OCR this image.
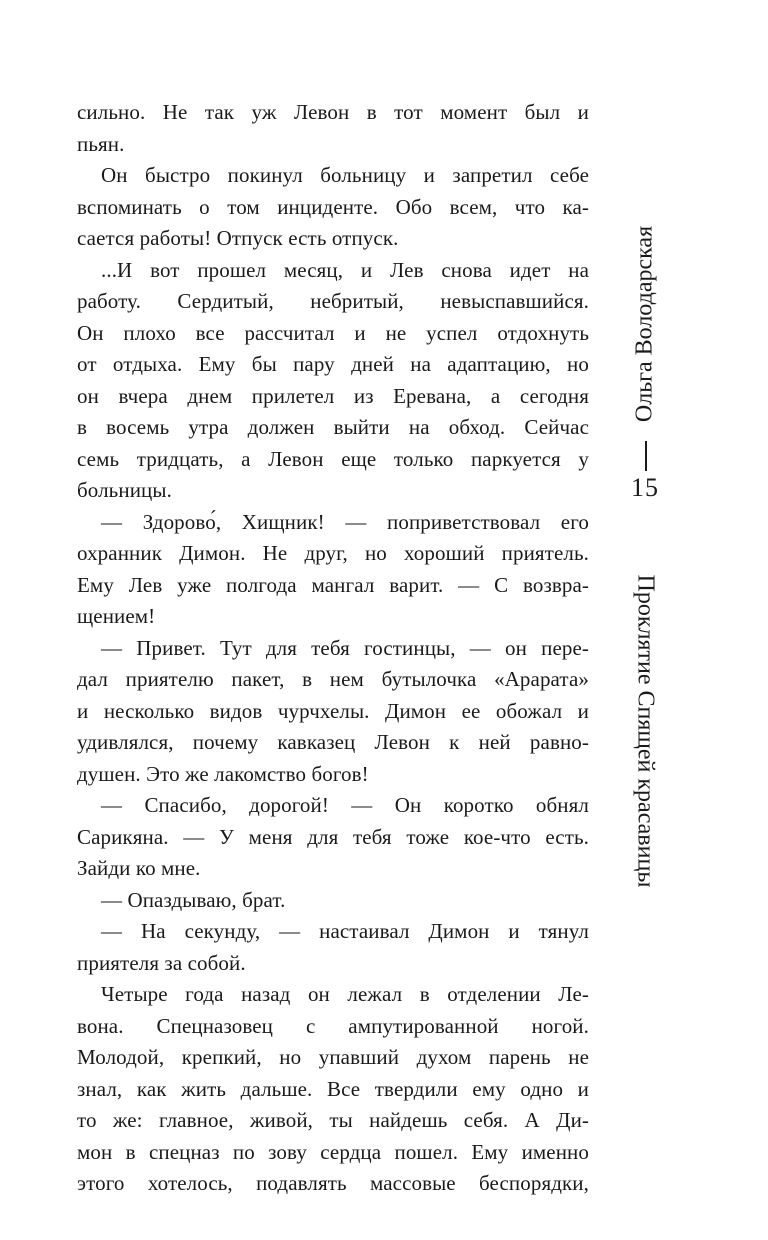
сильно. Не так уж Левон в тот момент был и
пьян.
Он быстро покинул больницу и запретил себе
вспоминать о том инциденте. Обо всем, что ка-
сается работы! Отпуск есть отпуск.
...И вот прошел месяц, и Лев снова идет на
работу. Сердитый, небритый, невыспавшийся.
Он плохо все рассчитал и не успел отдохнуть
от отдыха. Ему бы пару дней на адаптацию, но
он вчера днем прилетел из Еревана, а сегодня
в восемь утра должен выйти на обход. Сейчас
семь тридцать, а Левон еще только паркуется у
больницы.
— Здорово́, Хищник! — поприветствовал его
охранник Димон. Не друг, но хороший приятель.
Ему Лев уже полгода мангал варит. — С возвра-
щением!
— Привет. Тут для тебя гостинцы, — он пере-
дал приятелю пакет, в нем бутылочка «Арарата»
и несколько видов чурчхелы. Димон ее обожал и
удивлялся, почему кавказец Левон к ней равно-
душен. Это же лакомство богов!
— Спасибо, дорогой! — Он коротко обнял
Сарикяна. — У меня для тебя тоже кое-что есть.
Зайди ко мне.
— Опаздываю, брат.
— На секунду, — настаивал Димон и тянул
приятеля за собой.
Четыре года назад он лежал в отделении Ле-
вона. Спецназовец с ампутированной ногой.
Молодой, крепкий, но упавший духом парень не
знал, как жить дальше. Все твердили ему одно и
то же: главное, живой, ты найдешь себя. А Ди-
мон в спецназ по зову сердца пошел. Ему именно
этого хотелось, подавлять массовые беспорядки,
Ольга Володарская
15
Проклятие Спящей красавицы
